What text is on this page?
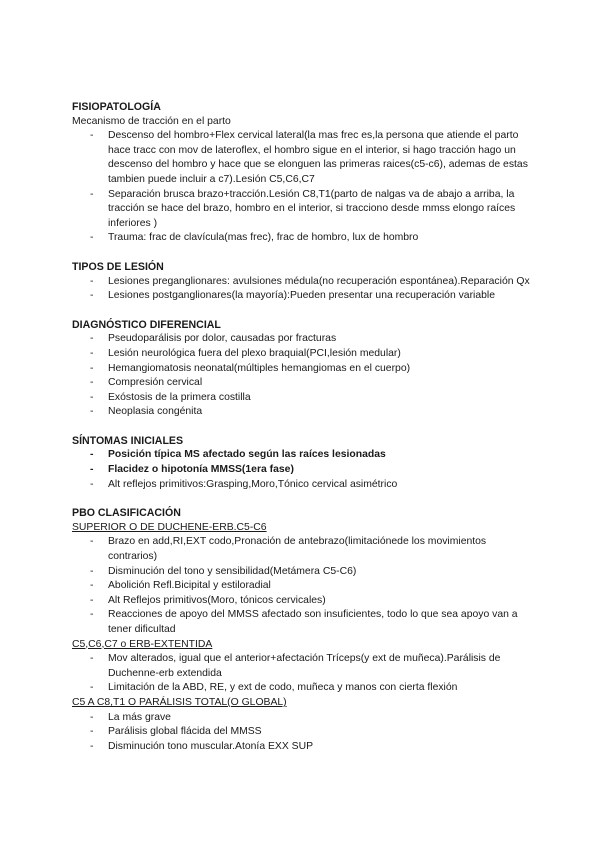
FISIOPATOLOGÍA

Mecanismo de tracción en el parto

- Descenso del hombro+Flex cervical lateral(la mas frec es,la persona que atiende el parto hace tracc con mov de lateroflex, el hombro sigue en el interior, si hago tracción hago un descenso del hombro y hace que se elonguen las primeras raices(c5-c6), ademas de estas tambien puede incluir a c7).Lesión C5,C6,C7
- Separación brusca brazo+tracción.Lesión C8,T1(parto de nalgas va de abajo a arriba, la tracción se hace del brazo, hombro en el interior, si tracciono desde mmss elongo raíces inferiores )
- Trauma: frac de clavícula(mas frec), frac de hombro, lux de hombro

TIPOS DE LESIÓN

- Lesiones preganglionares: avulsiones médula(no recuperación espontánea).Reparación Qx
- Lesiones postganglionares(la mayoría):Pueden presentar una recuperación variable

DIAGNÓSTICO DIFERENCIAL

- Pseudoparálisis por dolor, causadas por fracturas
- Lesión neurológica fuera del plexo braquial(PCI,lesión medular)
- Hemangiomatosis neonatal(múltiples hemangiomas en el cuerpo)
- Compresión cervical
- Exóstosis de la primera costilla
- Neoplasia congénita

SÍNTOMAS INICIALES

- Posición típica MS afectado según las raíces lesionadas
- Flacidez o hipotonía MMSS(1era fase)
- Alt reflejos primitivos:Grasping,Moro,Tónico cervical asimétrico

PBO CLASIFICACIÓN

SUPERIOR O DE DUCHENE-ERB.C5-C6

- Brazo en add,RI,EXT codo,Pronación de antebrazo(limitaciónede los movimientos contrarios)
- Disminución del tono y sensibilidad(Metámera C5-C6)
- Abolición Refl.Bicipital y estiloradial
- Alt Reflejos primitivos(Moro, tónicos cervicales)
- Reacciones de apoyo del MMSS afectado son insuficientes, todo lo que sea apoyo van a tener dificultad

C5,C6,C7 o ERB-EXTENTIDA

- Mov alterados, igual que el anterior+afectación Tríceps(y ext de muñeca).Parálisis de Duchenne-erb extendida
- Limitación de la ABD, RE, y ext de codo, muñeca y manos con cierta flexión

C5 A C8,T1 O PARÁLISIS TOTAL(O GLOBAL)

- La más grave
- Parálisis global flácida del MMSS
- Disminución tono muscular.Atonía EXX SUP
